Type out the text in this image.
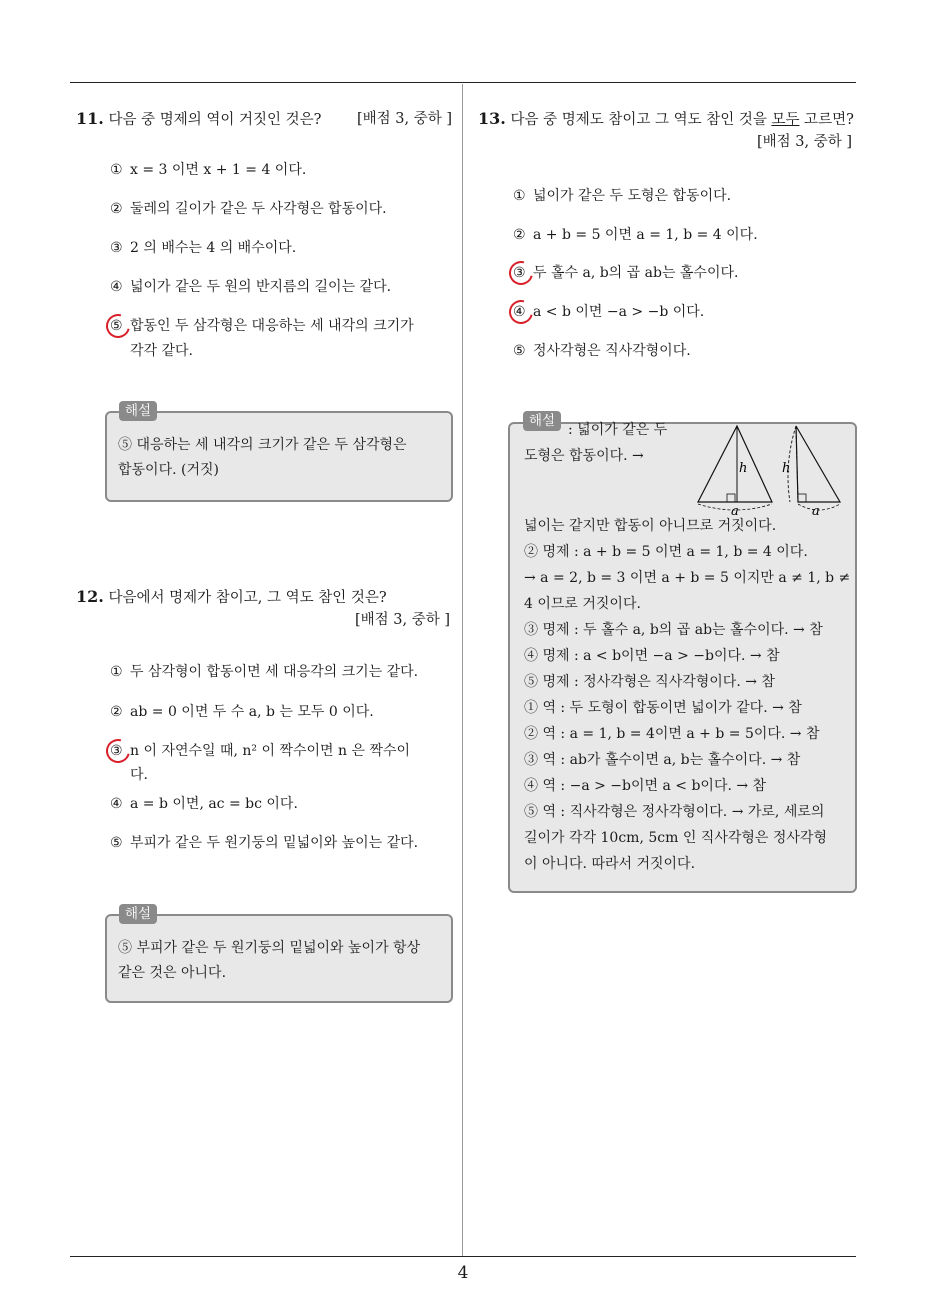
4
11. 다음 중 명제의 역이 거짓인 것은? [배점 3, 중하 ]
① x = 3 이면 x + 1 = 4 이다.
② 둘레의 길이가 같은 두 사각형은 합동이다.
③ 2 의 배수는 4 의 배수이다.
④ 넓이가 같은 두 원의 반지름의 길이는 같다.
⑤ 합동인 두 삼각형은 대응하는 세 내각의 크기가
각각 같다.
⑤ 대응하는 세 내각의 크기가 같은 두 삼각형은
합동이다. (거짓)
해설
12. 다음에서 명제가 참이고, 그 역도 참인 것은?
[배점 3, 중하 ]
① 두 삼각형이 합동이면 세 대응각의 크기는 같다.
② ab = 0 이면 두 수 a, b 는 모두 0 이다.
③ n 이 자연수일 때, n² 이 짝수이면 n 은 짝수이
다.
④ a = b 이면, ac = bc 이다.
⑤ 부피가 같은 두 원기둥의 밑넓이와 높이는 같다.
⑤ 부피가 같은 두 원기둥의 밑넓이와 높이가 항상
같은 것은 아니다.
해설
13. 다음 중 명제도 참이고 그 역도 참인 것을 모두 고르면?
[배점 3, 중하 ]
① 넓이가 같은 두 도형은 합동이다.
② a + b = 5 이면 a = 1, b = 4 이다.
③ 두 홀수 a, b의 곱 ab는 홀수이다.
④ a < b 이면 −a > −b 이다.
⑤ 정사각형은 직사각형이다.
: 넓이가 같은 두
도형은 합동이다. →
h
a
h
a
넓이는 같지만 합동이 아니므로 거짓이다.
② 명제 : a + b = 5 이면 a = 1, b = 4 이다.
→ a = 2, b = 3 이면 a + b = 5 이지만 a ≠ 1, b ≠
4 이므로 거짓이다.
③ 명제 : 두 홀수 a, b의 곱 ab는 홀수이다. → 참
④ 명제 : a < b이면 −a > −b이다. → 참
⑤ 명제 : 정사각형은 직사각형이다. → 참
① 역 : 두 도형이 합동이면 넓이가 같다. → 참
② 역 : a = 1, b = 4이면 a + b = 5이다. → 참
③ 역 : ab가 홀수이면 a, b는 홀수이다. → 참
④ 역 : −a > −b이면 a < b이다. → 참
⑤ 역 : 직사각형은 정사각형이다. → 가로, 세로의
길이가 각각 10cm, 5cm 인 직사각형은 정사각형
이 아니다. 따라서 거짓이다.
해설
